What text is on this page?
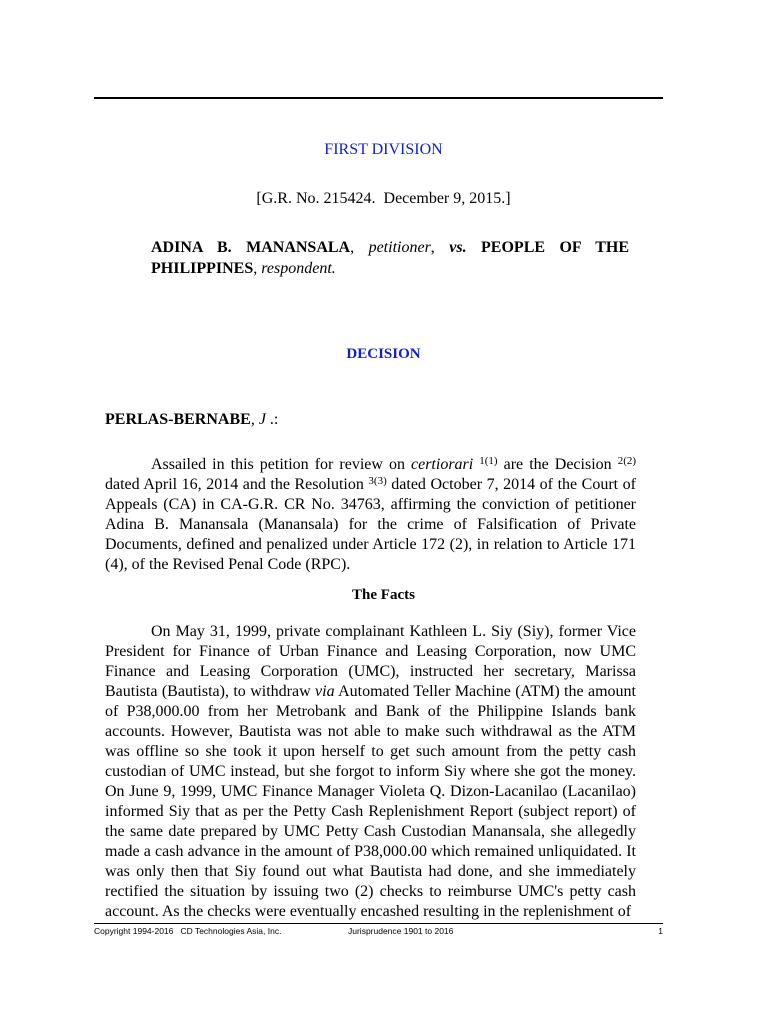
FIRST DIVISION
[G.R. No. 215424.  December 9, 2015.]
ADINA B. MANANSALA, petitioner, vs. PEOPLE OF THE
PHILIPPINES, respondent.
DECISION
PERLAS-BERNABE, J .:
Assailed in this petition for review on certiorari $^{1(1)}$ are the Decision $^{2(2)}$ dated April 16, 2014 and the Resolution $^{3(3)}$ dated October 7, 2014 of the Court of Appeals (CA) in CA-G.R. CR No. 34763, affirming the conviction of petitioner Adina B. Manansala (Manansala) for the crime of Falsification of Private Documents, defined and penalized under Article 172 (2), in relation to Article 171 (4), of the Revised Penal Code (RPC).
The Facts
On May 31, 1999, private complainant Kathleen L. Siy (Siy), former Vice President for Finance of Urban Finance and Leasing Corporation, now UMC Finance and Leasing Corporation (UMC), instructed her secretary, Marissa Bautista (Bautista), to withdraw via Automated Teller Machine (ATM) the amount of P38,000.00 from her Metrobank and Bank of the Philippine Islands bank accounts. However, Bautista was not able to make such withdrawal as the ATM was offline so she took it upon herself to get such amount from the petty cash custodian of UMC instead, but she forgot to inform Siy where she got the money. On June 9, 1999, UMC Finance Manager Violeta Q. Dizon-Lacanilao (Lacanilao) informed Siy that as per the Petty Cash Replenishment Report (subject report) of the same date prepared by UMC Petty Cash Custodian Manansala, she allegedly made a cash advance in the amount of P38,000.00 which remained unliquidated. It was only then that Siy found out what Bautista had done, and she immediately rectified the situation by issuing two (2) checks to reimburse UMC's petty cash account. As the checks were eventually encashed resulting in the replenishment of
Copyright 1994-2016   CD Technologies Asia, Inc.	Jurisprudence 1901 to 2016	1
